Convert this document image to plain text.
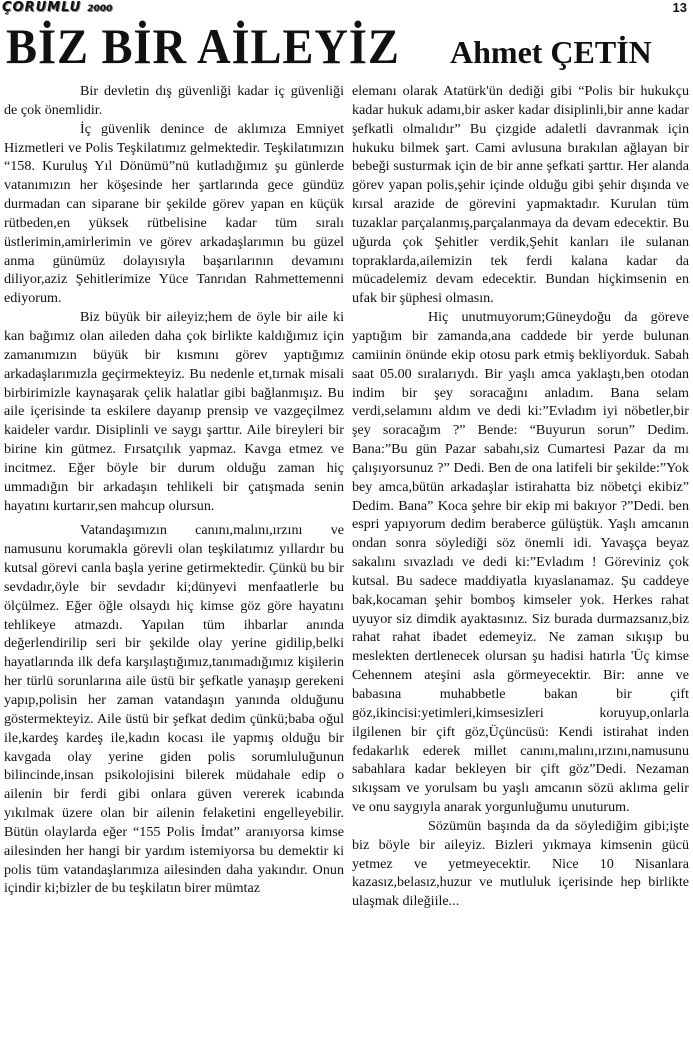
ÇORUMLU 2000	13
BİZ BİR AİLEYİZ Ahmet ÇETİN

Bir devletin dış güvenliği kadar iç güvenliği de çok önemlidir.

İç güvenlik denince de aklımıza Emniyet Hizmetleri ve Polis Teşkilatımız gelmektedir. Teşkilatımızın “158. Kuruluş Yıl Dönümü”nü kutladığımız şu günlerde vatanımızın her köşesinde her şartlarında gece gündüz durmadan can siparane bir şekilde görev yapan en küçük rütbeden,en yüksek rütbelisine kadar tüm sıralı üstlerimin,amirlerimin ve görev arkadaşlarımın bu güzel anma günümüz dolayısıyla başarılarının devamını diliyor,aziz Şehitlerimize Yüce Tanrıdan Rahmettemenni ediyorum.

Biz büyük bir aileyiz;hem de öyle bir aile ki kan bağımız olan aileden daha çok birlikte kaldığımız için zamanımızın büyük bir kısmını görev yaptığımız arkadaşlarımızla geçirmekteyiz. Bu nedenle et,tırnak misali birbirimizle kaynaşarak çelik halatlar gibi bağlanmışız. Bu aile içerisinde ta eskilere dayanıp prensip ve vazgeçilmez kaideler vardır. Disiplinli ve saygı şarttır. Aile bireyleri bir birine kin gütmez. Fırsatçılık yapmaz. Kavga etmez ve incitmez. Eğer böyle bir durum olduğu zaman hiç ummadığın bir arkadaşın tehlikeli bir çatışmada senin hayatını kurtarır,sen mahcup olursun.

Vatandaşımızın canını,malını,ırzını ve namusunu korumakla görevli olan teşkilatımız yıllardır bu kutsal görevi canla başla yerine getirmektedir. Çünkü bu bir sevdadır,öyle bir sevdadır ki;dünyevi menfaatlerle bu ölçülmez. Eğer öğle olsaydı hiç kimse göz göre hayatını tehlikeye atmazdı. Yapılan tüm ihbarlar anında değerlendirilip seri bir şekilde olay yerine gidilip,belki hayatlarında ilk defa karşılaştığımız,tanımadığımız kişilerin her türlü sorunlarına aile üstü bir şefkatle yanaşıp gerekeni yapıp,polisin her zaman vatandaşın yanında olduğunu göstermekteyiz. Aile üstü bir şefkat dedim çünkü;baba oğul ile,kardeş kardeş ile,kadın kocası ile yapmış olduğu bir kavgada olay yerine giden polis sorumluluğunun bilincinde,insan psikolojisini bilerek müdahale edip o ailenin bir ferdi gibi onlara güven vererek icabında yıkılmak üzere olan bir ailenin felaketini engelleyebilir. Bütün olaylarda eğer “155 Polis İmdat” aranıyorsa kimse ailesinden her hangi bir yardım istemiyorsa bu demektir ki polis tüm vatandaşlarımıza ailesinden daha yakındır. Onun içindir ki;bizler de bu teşkilatın birer mümtaz

elemanı olarak Atatürk'ün dediği gibi “Polis bir hukukçu kadar hukuk adamı,bir asker kadar disiplinli,bir anne kadar şefkatli olmalıdır” Bu çizgide adaletli davranmak için hukuku bilmek şart. Cami avlusuna bırakılan ağlayan bir bebeği susturmak için de bir anne şefkati şarttır. Her alanda görev yapan polis,şehir içinde olduğu gibi şehir dışında ve kırsal arazide de görevini yapmaktadır. Kurulan tüm tuzaklar parçalanmış,parçalanmaya da devam edecektir. Bu uğurda çok Şehitler verdik,Şehit kanları ile sulanan topraklarda,ailemizin tek ferdi kalana kadar da mücadelemiz devam edecektir. Bundan hiçkimsenin en ufak bir şüphesi olmasın.

Hiç unutmuyorum;Güneydoğu da göreve yaptığım bir zamanda,ana caddede bir yerde bulunan camiinin önünde ekip otosu park etmiş bekliyorduk. Sabah saat 05.00 sıralarıydı. Bir yaşlı amca yaklaştı,ben otodan indim bir şey soracağını anladım. Bana selam verdi,selamını aldım ve dedi ki:”Evladım iyi nöbetler,bir şey soracağım ?” Bende: “Buyurun sorun” Dedim. Bana:”Bu gün Pazar sabahı,siz Cumartesi Pazar da mı çalışıyorsunuz ?” Dedi. Ben de ona latifeli bir şekilde:”Yok bey amca,bütün arkadaşlar istirahatta biz nöbetçi ekibiz” Dedim. Bana” Koca şehre bir ekip mi bakıyor ?”Dedi. ben espri yapıyorum dedim beraberce gülüştük. Yaşlı amcanın ondan sonra söylediği söz önemli idi. Yavaşça beyaz sakalını sıvazladı ve dedi ki:”Evladım ! Göreviniz çok kutsal. Bu sadece maddiyatla kıyaslanamaz. Şu caddeye bak,kocaman şehir bomboş kimseler yok. Herkes rahat uyuyor siz dimdik ayaktasınız. Siz burada durmazsanız,biz rahat rahat ibadet edemeyiz. Ne zaman sıkışıp bu meslekten dertlenecek olursan şu hadisi hatırla 'Üç kimse Cehennem ateşini asla görmeyecektir. Bir: anne ve babasına muhabbetle bakan bir çift göz,ikincisi:yetimleri,kimsesizleri koruyup,onlarla ilgilenen bir çift göz,Üçüncüsü: Kendi istirahat inden fedakarlık ederek millet canını,malını,ırzını,namusunu sabahlara kadar bekleyen bir çift göz”Dedi. Nezaman sıkışsam ve yorulsam bu yaşlı amcanın sözü aklıma gelir ve onu saygıyla anarak yorgunluğumu unuturum.

Sözümün başında da da söylediğim gibi;işte biz böyle bir aileyiz. Bizleri yıkmaya kimsenin gücü yetmez ve yetmeyecektir. Nice 10 Nisanlara kazasız,belasız,huzur ve mutluluk içerisinde hep birlikte ulaşmak dileğiile...
